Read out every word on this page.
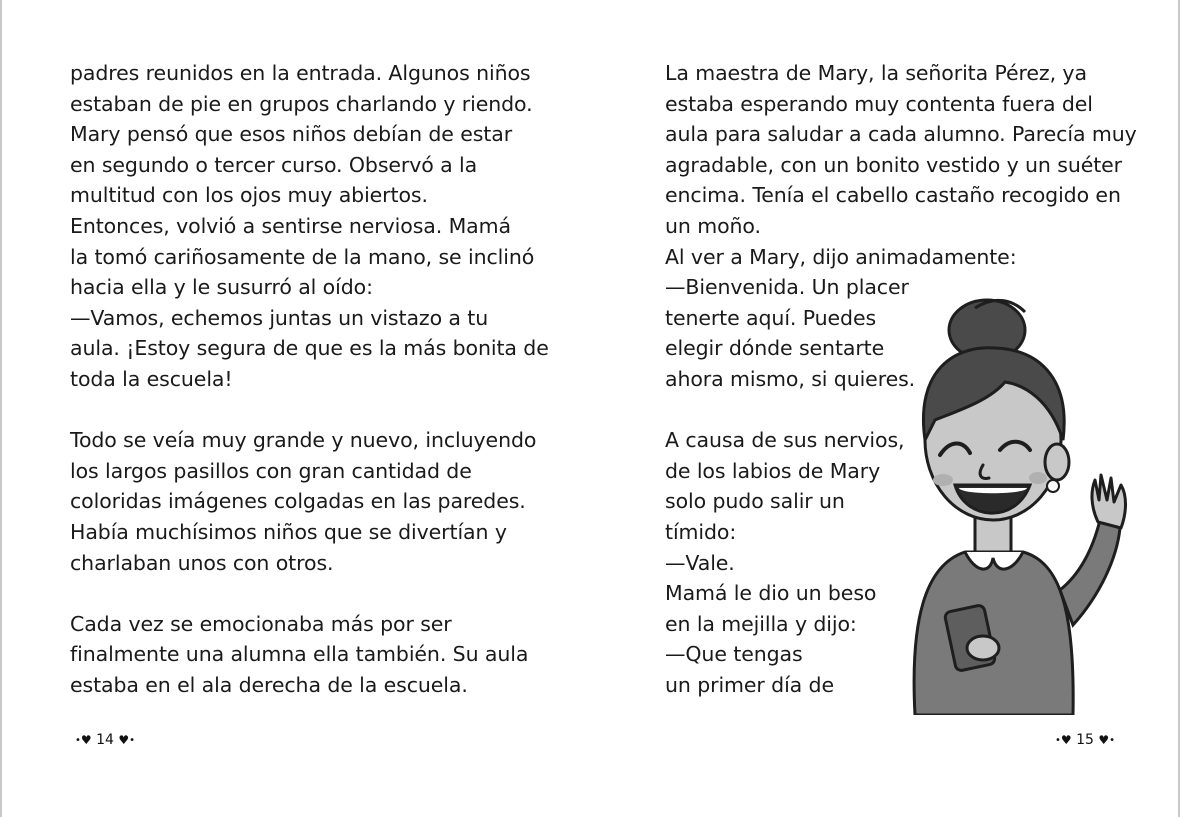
padres reunidos en la entrada. Algunos niños
estaban de pie en grupos charlando y riendo.
Mary pensó que esos niños debían de estar
en segundo o tercer curso. Observó a la
multitud con los ojos muy abiertos.
Entonces, volvió a sentirse nerviosa. Mamá
la tomó cariñosamente de la mano, se inclinó
hacia ella y le susurró al oído:
—Vamos, echemos juntas un vistazo a tu
aula. ¡Estoy segura de que es la más bonita de
toda la escuela!

Todo se veía muy grande y nuevo, incluyendo
los largos pasillos con gran cantidad de
coloridas imágenes colgadas en las paredes.
Había muchísimos niños que se divertían y
charlaban unos con otros.

Cada vez se emocionaba más por ser
finalmente una alumna ella también. Su aula
estaba en el ala derecha de la escuela.

La maestra de Mary, la señorita Pérez, ya
estaba esperando muy contenta fuera del
aula para saludar a cada alumno. Parecía muy
agradable, con un bonito vestido y un suéter
encima. Tenía el cabello castaño recogido en
un moño.
Al ver a Mary, dijo animadamente:
—Bienvenida. Un placer
tenerte aquí. Puedes
elegir dónde sentarte
ahora mismo, si quieres.

A causa de sus nervios,
de los labios de Mary
solo pudo salir un
tímido:
—Vale.
Mamá le dio un beso
en la mejilla y dijo:
—Que tengas
un primer día de

•♥ 14 ♥•	•♥ 15 ♥•
